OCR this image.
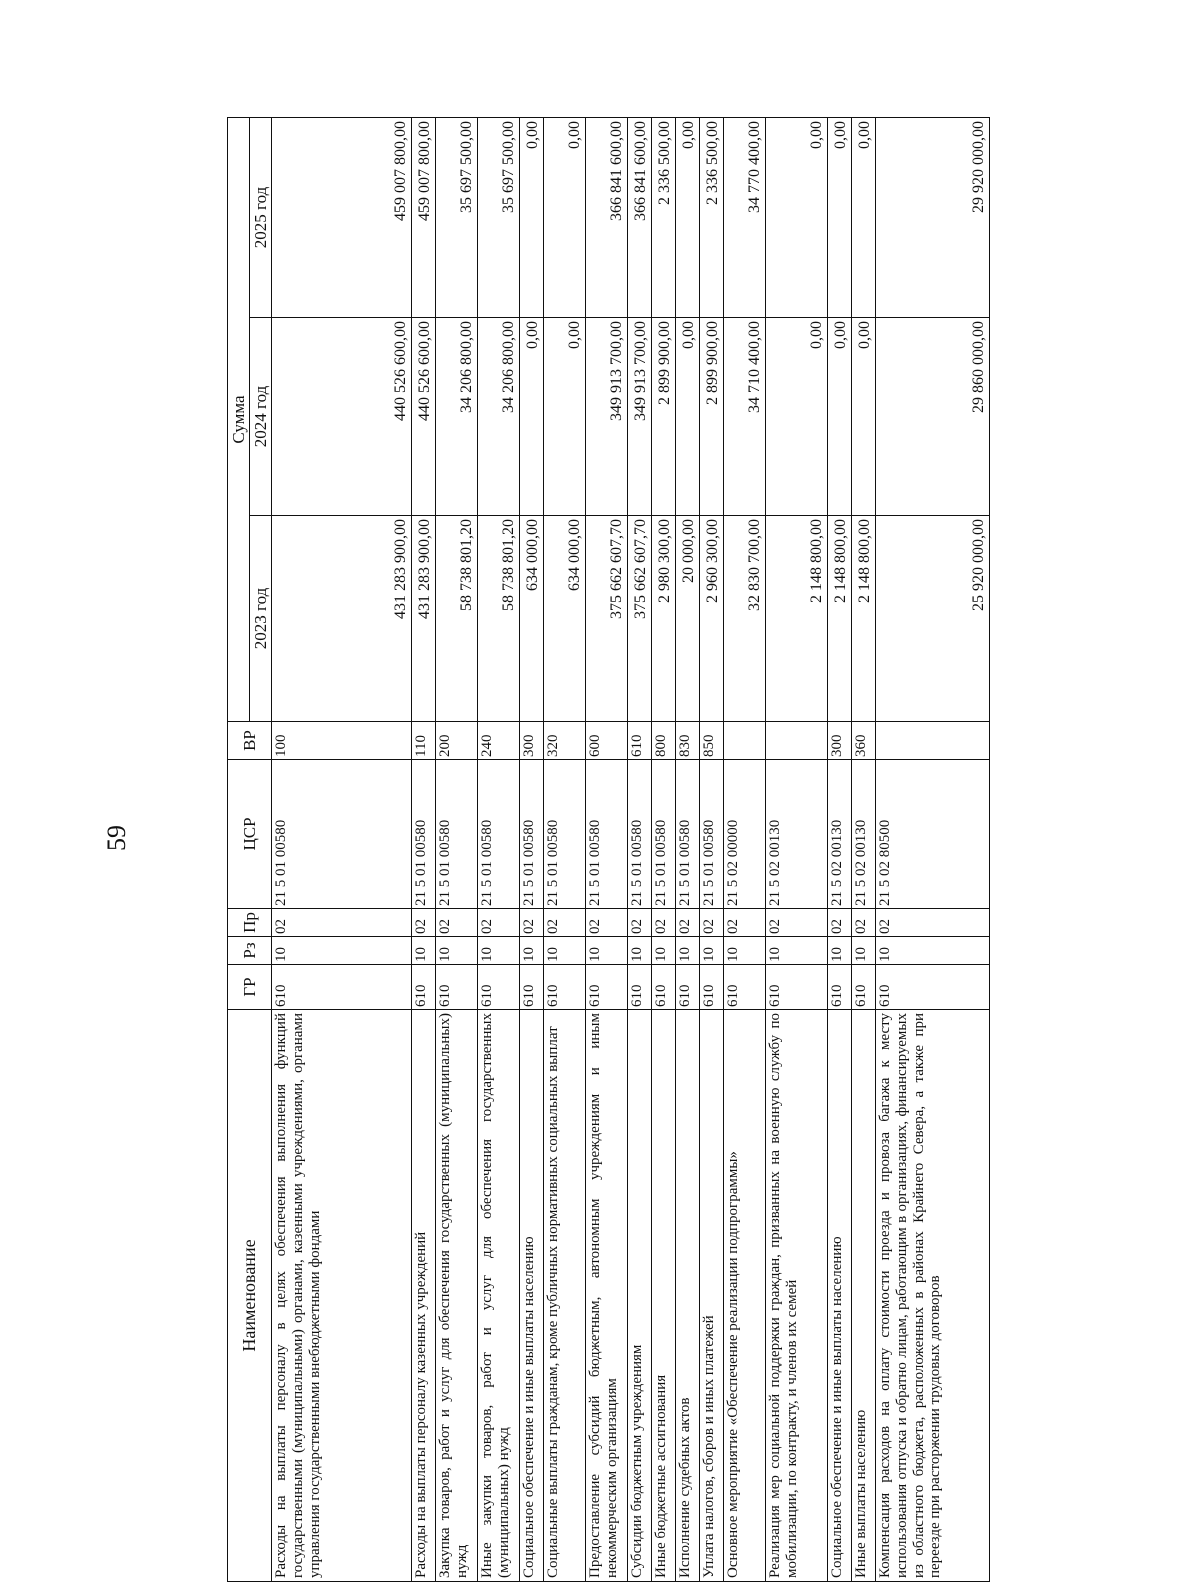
59
Наименование	ГР	Рз	Пр	ЦСР	ВР	Сумма		
						2023 год	2024 год	2025 год
Расходы на выплаты персоналу в целях обеспечения выполнения функций государственными (муниципальными) органами, казенными учреждениями, органами управления государственными внебюджетными фондами	610	10	02	21 5 01 00580	100	431 283 900,00	440 526 600,00	459 007 800,00
Расходы на выплаты персоналу казенных учреждений	610	10	02	21 5 01 00580	110	431 283 900,00	440 526 600,00	459 007 800,00
Закупка товаров, работ и услуг для обеспечения государственных (муниципальных) нужд	610	10	02	21 5 01 00580	200	58 738 801,20	34 206 800,00	35 697 500,00
Иные закупки товаров, работ и услуг для обеспечения государственных (муниципальных) нужд	610	10	02	21 5 01 00580	240	58 738 801,20	34 206 800,00	35 697 500,00
Социальное обеспечение и иные выплаты населению	610	10	02	21 5 01 00580	300	634 000,00	0,00	0,00
Социальные выплаты гражданам, кроме публичных нормативных социальных выплат	610	10	02	21 5 01 00580	320	634 000,00	0,00	0,00
Предоставление субсидий бюджетным, автономным учреждениям и иным некоммерческим организациям	610	10	02	21 5 01 00580	600	375 662 607,70	349 913 700,00	366 841 600,00
Субсидии бюджетным учреждениям	610	10	02	21 5 01 00580	610	375 662 607,70	349 913 700,00	366 841 600,00
Иные бюджетные ассигнования	610	10	02	21 5 01 00580	800	2 980 300,00	2 899 900,00	2 336 500,00
Исполнение судебных актов	610	10	02	21 5 01 00580	830	20 000,00	0,00	0,00
Уплата налогов, сборов и иных платежей	610	10	02	21 5 01 00580	850	2 960 300,00	2 899 900,00	2 336 500,00
Основное мероприятие «Обеспечение реализации подпрограммы»	610	10	02	21 5 02 00000		32 830 700,00	34 710 400,00	34 770 400,00
Реализация мер социальной поддержки граждан, призванных на военную службу по мобилизации, по контракту, и членов их семей	610	10	02	21 5 02 00130		2 148 800,00	0,00	0,00
Социальное обеспечение и иные выплаты населению	610	10	02	21 5 02 00130	300	2 148 800,00	0,00	0,00
Иные выплаты населению	610	10	02	21 5 02 00130	360	2 148 800,00	0,00	0,00
Компенсация расходов на оплату стоимости проезда и провоза багажа к месту использования отпуска и обратно лицам, работающим в организациях, финансируемых из областного бюджета, расположенных в районах Крайнего Севера, а также при переезде при расторжении трудовых договоров	610	10	02	21 5 02 80500		25 920 000,00	29 860 000,00	29 920 000,00
